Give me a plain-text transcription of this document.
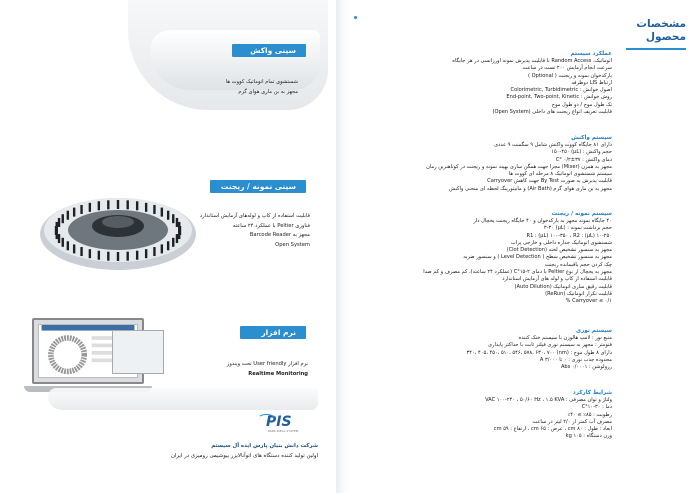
سینی واکش
شستشوی تمام اتوماتیک کووت ها
مجهز به بن ماری هوای گرم
سینی نمونه / ریجنت
قابلیت استفاده از کاپ و لوله‌های آزمایش استاندارد
فناوری Peltier با عملکرد ۲۴ ساعته
مجهز به Barcode Reader
Open System
نرم افزار
نرم افزار User friendly تحت ویندوز
Realtime Monitoring
PIS
PARS IDEAL SYSTEM
شرکت دانش بنیان پارس ایده آل سیستم
اولین تولید کننده دستگاه های اتوآنالایزر بیوشیمی رومیزی در ایران
مشخصات
محصول
عملکرد سیستم
اتوماتیک، Random Access با قابلیت پذیرش نمونه اورژانسی در هر جایگاه
سرعت انجام آزمایش ۲۰۰ تست در ساعت
بارکدخوان نمونه و ریجنت ( Optional )
ارتباط LIS دوطرفه
اصول خوانش : Colorimetric, Turbidimetric
روش خوانش : End-point, Two-point, Kinetic
تک طول موج / دو طول موج
قابلیت تعریف انواع ریجنت های داخلی (Open System)
سیستم واکنش
دارای ۸۱ جایگاه کووت واکنش شامل ۹ سگمنت ۹ عددی
حجم واکنش : (µL) ۱۵۰-۴۵۰
دمای واکنش : ۳۷±۰/۲ °C
مجهز به همزن (Mixer) مجزا جهت همگن سازی بهینه نمونه و ریجنت در کوتاهترین زمان
سیستم شستشوی اتوماتیک ۸ مرحله ای کووت ها
قابلیت پذیرش به صورت By Test جهت کاهش Carryover
مجهز به بن ماری هوای گرم (Air Bath) و مانیتورینگ لحظه ای منحنی واکنش
سیستم نمونه / ریجنت
۴۰ جایگاه نمونه مجهز به بارکدخوان و ۴۰ جایگاه ریجنت یخچال دار
حجم برداشت نمونه : (µL) ۳-۳۰
R1 : (µL) ۱۰۰-۳۵۰ ، R2 : (µL) ۱۰-۲۵۰
شستشوی اتوماتیک جداره داخلی و خارجی پراب
مجهز به سنسور تشخیص لخته (Clot Detection)
مجهز به سنسور تشخیص سطح ( Level Detection ) و سنسور ضربه
چک کردن حجم باقیمانده ریجنت
مجهز به یخچال از نوع Peltier با دمای ۲-۱۵°C (عملکرد ۲۴ ساعته)، کم مصرف و کم صدا
قابلیت استفاده از کاپ و لوله های آزمایش استاندارد
قابلیت رقیق سازی اتوماتیک (Auto Dilution)
قابلیت تکرار اتوماتیک (ReRun)
Carryover ≤ ۰/۱ %
سیستم نوری
منبع نور : لامپ هالوژن با سیستم خنک کننده
فتومتر : مجهز به سیستم نوری فیلتر ثابت با حداکثر پایداری
دارای ۸ طول موج : (nm) ۳۴۰، ۴۰۵، ۴۵۰، ۵۱۰، ۵۴۶، ۵۷۸، ۶۳۰، ۷۰۰
محدوده جذب نوری : ۰ تا ۳/۰۰۰ A
رزولوشن : Abs ۰/۰۰۰۱
شرایط کارکرد
ولتاژ و توان مصرفی : VAC ۱۰۰-۲۴۰ ، ۵۰/۶۰ Hz ، ۱.۵ KVA
دما : ۳۰-۱۰°C
رطوبت : ۸۵٪ ≥ ۴۰٪
مصرف آب کمتر از ۲/۰ لیتر در ساعت
ابعاد : طول : ۸۰ cm ، عرض : ۶۵ cm ، ارتفاع : ۵۹ cm
وزن دستگاه : ۱۰۵ kg
